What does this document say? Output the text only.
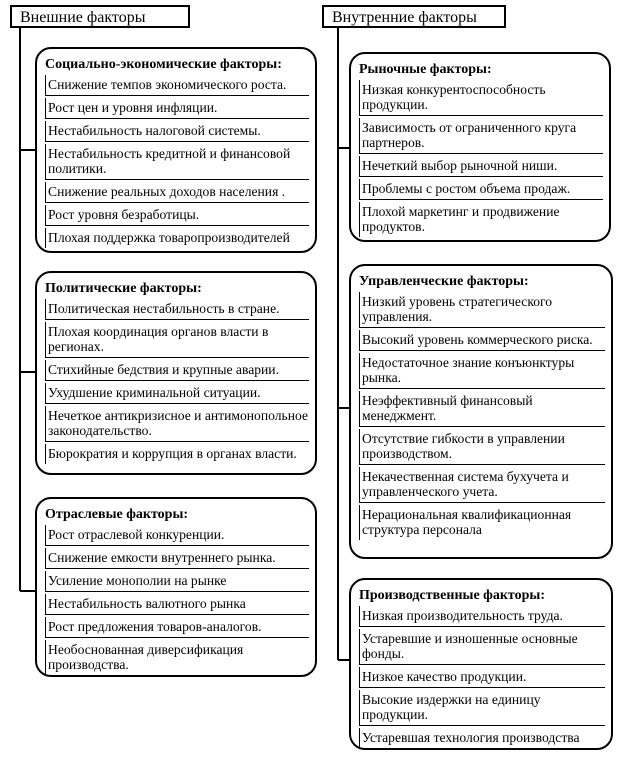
Внешние факторы	Внутренние факторы
Социально-экономические факторы:
Снижение темпов экономического роста.
Рост цен и уровня инфляции.
Нестабильность налоговой системы.
Нестабильность кредитной и финансовой политики.
Снижение реальных доходов населения .
Рост уровня безработицы.
Плохая поддержка товаропроизводителей
Политические факторы:
Политическая нестабильность в стране.
Плохая координация органов власти в регионах.
Стихийные бедствия и крупные аварии.
Ухудшение криминальной ситуации.
Нечеткое антикризисное и антимонопольное законодательство.
Бюрократия и коррупция в органах власти.
Отраслевые факторы:
Рост отраслевой конкуренции.
Снижение емкости внутреннего рынка.
Усиление монополии на рынке
Нестабильность валютного рынка
Рост предложения товаров-аналогов.
Необоснованная диверсификация производства.
Рыночные факторы:
Низкая конкурентоспособность продукции.
Зависимость от ограниченного круга партнеров.
Нечеткий выбор рыночной ниши.
Проблемы с ростом объема продаж.
Плохой маркетинг и продвижение продуктов.
Управленческие факторы:
Низкий уровень стратегического управления.
Высокий уровень коммерческого риска.
Недостаточное знание конъюнктуры рынка.
Неэффективный финансовый менеджмент.
Отсутствие гибкости в управлении производством.
Некачественная система бухучета и управленческого учета.
Нерациональная квалификационная структура персонала
Производственные факторы:
Низкая производительность труда.
Устаревшие и изношенные основные фонды.
Низкое качество продукции.
Высокие издержки на единицу продукции.
Устаревшая технология производства
